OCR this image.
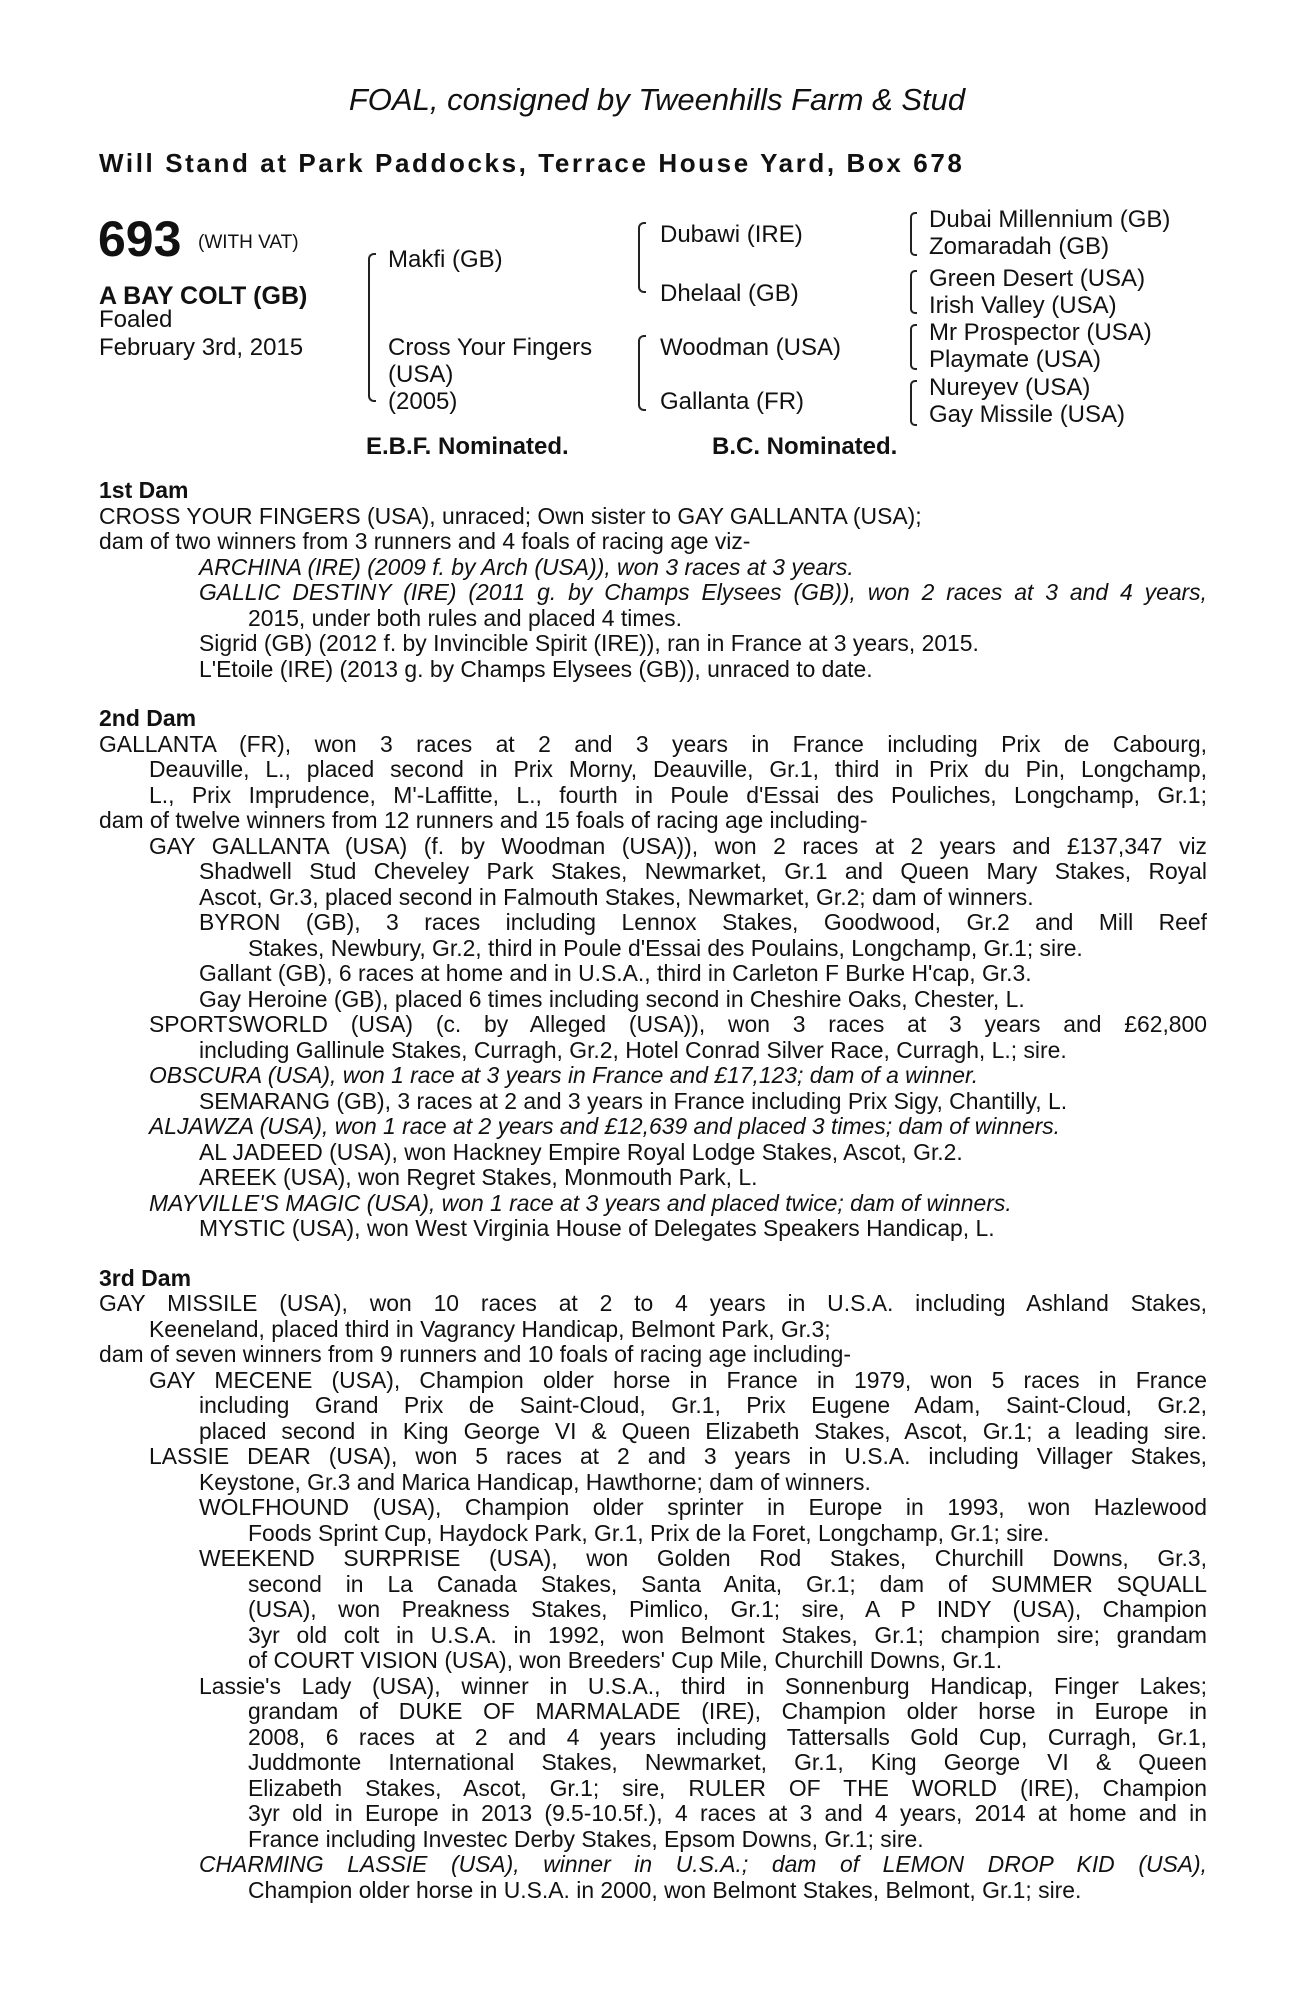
FOAL, consigned by Tweenhills Farm & Stud
Will Stand at Park Paddocks, Terrace House Yard, Box 678
693 (WITH VAT)
A BAY COLT (GB)
Foaled
February 3rd, 2015
Makfi (GB)
Cross Your Fingers
(USA)
(2005)
Dubawi (IRE)
Dhelaal (GB)
Woodman (USA)
Gallanta (FR)
Dubai Millennium (GB)
Zomaradah (GB)
Green Desert (USA)
Irish Valley (USA)
Mr Prospector (USA)
Playmate (USA)
Nureyev (USA)
Gay Missile (USA)
E.B.F. Nominated.	B.C. Nominated.
1st Dam
CROSS YOUR FINGERS (USA), unraced; Own sister to GAY GALLANTA (USA);
dam of two winners from 3 runners and 4 foals of racing age viz-
ARCHINA (IRE) (2009 f. by Arch (USA)), won 3 races at 3 years.
GALLIC DESTINY (IRE) (2011 g. by Champs Elysees (GB)), won 2 races at 3 and 4 years,
2015, under both rules and placed 4 times.
Sigrid (GB) (2012 f. by Invincible Spirit (IRE)), ran in France at 3 years, 2015.
L'Etoile (IRE) (2013 g. by Champs Elysees (GB)), unraced to date.
2nd Dam
GALLANTA (FR), won 3 races at 2 and 3 years in France including Prix de Cabourg,
Deauville, L., placed second in Prix Morny, Deauville, Gr.1, third in Prix du Pin, Longchamp,
L., Prix Imprudence, M'-Laffitte, L., fourth in Poule d'Essai des Pouliches, Longchamp, Gr.1;
dam of twelve winners from 12 runners and 15 foals of racing age including-
GAY GALLANTA (USA) (f. by Woodman (USA)), won 2 races at 2 years and £137,347 viz
Shadwell Stud Cheveley Park Stakes, Newmarket, Gr.1 and Queen Mary Stakes, Royal
Ascot, Gr.3, placed second in Falmouth Stakes, Newmarket, Gr.2; dam of winners.
BYRON (GB), 3 races including Lennox Stakes, Goodwood, Gr.2 and Mill Reef
Stakes, Newbury, Gr.2, third in Poule d'Essai des Poulains, Longchamp, Gr.1; sire.
Gallant (GB), 6 races at home and in U.S.A., third in Carleton F Burke H'cap, Gr.3.
Gay Heroine (GB), placed 6 times including second in Cheshire Oaks, Chester, L.
SPORTSWORLD (USA) (c. by Alleged (USA)), won 3 races at 3 years and £62,800
including Gallinule Stakes, Curragh, Gr.2, Hotel Conrad Silver Race, Curragh, L.; sire.
OBSCURA (USA), won 1 race at 3 years in France and £17,123; dam of a winner.
SEMARANG (GB), 3 races at 2 and 3 years in France including Prix Sigy, Chantilly, L.
ALJAWZA (USA), won 1 race at 2 years and £12,639 and placed 3 times; dam of winners.
AL JADEED (USA), won Hackney Empire Royal Lodge Stakes, Ascot, Gr.2.
AREEK (USA), won Regret Stakes, Monmouth Park, L.
MAYVILLE'S MAGIC (USA), won 1 race at 3 years and placed twice; dam of winners.
MYSTIC (USA), won West Virginia House of Delegates Speakers Handicap, L.
3rd Dam
GAY MISSILE (USA), won 10 races at 2 to 4 years in U.S.A. including Ashland Stakes,
Keeneland, placed third in Vagrancy Handicap, Belmont Park, Gr.3;
dam of seven winners from 9 runners and 10 foals of racing age including-
GAY MECENE (USA), Champion older horse in France in 1979, won 5 races in France
including Grand Prix de Saint-Cloud, Gr.1, Prix Eugene Adam, Saint-Cloud, Gr.2,
placed second in King George VI & Queen Elizabeth Stakes, Ascot, Gr.1; a leading sire.
LASSIE DEAR (USA), won 5 races at 2 and 3 years in U.S.A. including Villager Stakes,
Keystone, Gr.3 and Marica Handicap, Hawthorne; dam of winners.
WOLFHOUND (USA), Champion older sprinter in Europe in 1993, won Hazlewood
Foods Sprint Cup, Haydock Park, Gr.1, Prix de la Foret, Longchamp, Gr.1; sire.
WEEKEND SURPRISE (USA), won Golden Rod Stakes, Churchill Downs, Gr.3,
second in La Canada Stakes, Santa Anita, Gr.1; dam of SUMMER SQUALL
(USA), won Preakness Stakes, Pimlico, Gr.1; sire, A P INDY (USA), Champion
3yr old colt in U.S.A. in 1992, won Belmont Stakes, Gr.1; champion sire; grandam
of COURT VISION (USA), won Breeders' Cup Mile, Churchill Downs, Gr.1.
Lassie's Lady (USA), winner in U.S.A., third in Sonnenburg Handicap, Finger Lakes;
grandam of DUKE OF MARMALADE (IRE), Champion older horse in Europe in
2008, 6 races at 2 and 4 years including Tattersalls Gold Cup, Curragh, Gr.1,
Juddmonte International Stakes, Newmarket, Gr.1, King George VI & Queen
Elizabeth Stakes, Ascot, Gr.1; sire, RULER OF THE WORLD (IRE), Champion
3yr old in Europe in 2013 (9.5-10.5f.), 4 races at 3 and 4 years, 2014 at home and in
France including Investec Derby Stakes, Epsom Downs, Gr.1; sire.
CHARMING LASSIE (USA), winner in U.S.A.; dam of LEMON DROP KID (USA),
Champion older horse in U.S.A. in 2000, won Belmont Stakes, Belmont, Gr.1; sire.
